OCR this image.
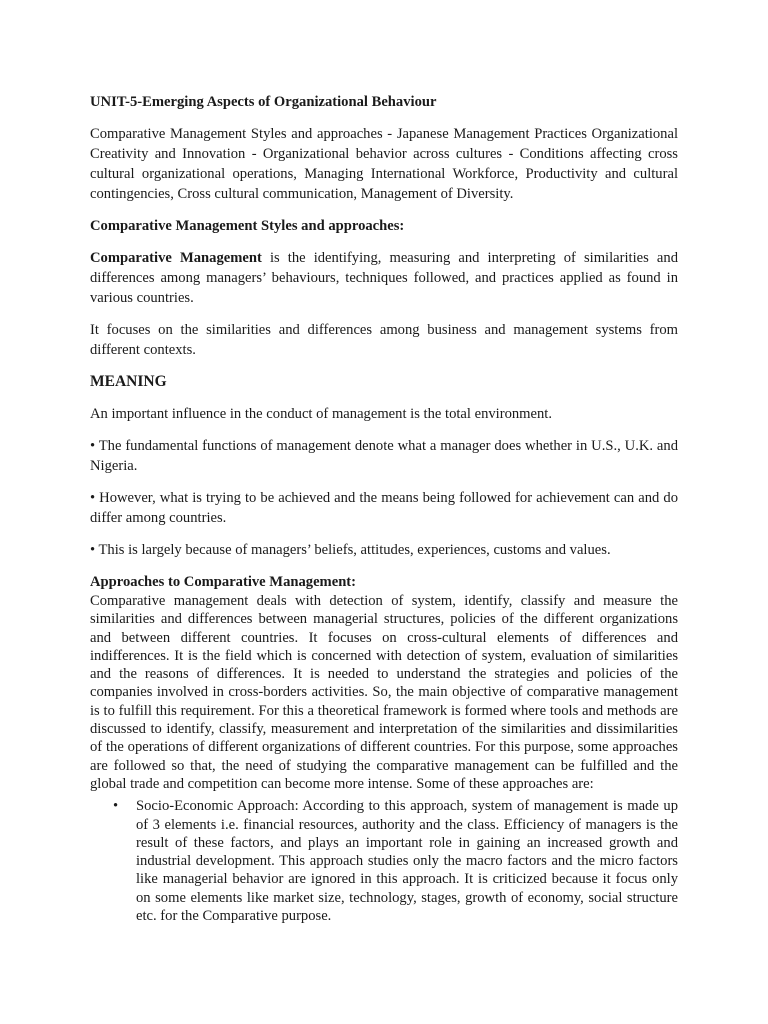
UNIT-5-Emerging Aspects of Organizational Behaviour

Comparative Management Styles and approaches - Japanese Management Practices Organizational Creativity and Innovation - Organizational behavior across cultures - Conditions affecting cross cultural organizational operations, Managing International Workforce, Productivity and cultural contingencies, Cross cultural communication, Management of Diversity.

Comparative Management Styles and approaches:

Comparative Management is the identifying, measuring and interpreting of similarities and differences among managers’ behaviours, techniques followed, and practices applied as found in various countries.

It focuses on the similarities and differences among business and management systems from different contexts.

MEANING

An important influence in the conduct of management is the total environment.

• The fundamental functions of management denote what a manager does whether in U.S., U.K. and Nigeria.

• However, what is trying to be achieved and the means being followed for achievement can and do differ among countries.

• This is largely because of managers’ beliefs, attitudes, experiences, customs and values.

Approaches to Comparative Management:

Comparative management deals with detection of system, identify, classify and measure the similarities and differences between managerial structures, policies of the different organizations and between different countries. It focuses on cross-cultural elements of differences and indifferences. It is the field which is concerned with detection of system, evaluation of similarities and the reasons of differences. It is needed to understand the strategies and policies of the companies involved in cross-borders activities. So, the main objective of comparative management is to fulfill this requirement. For this a theoretical framework is formed where tools and methods are discussed to identify, classify, measurement and interpretation of the similarities and dissimilarities of the operations of different organizations of different countries. For this purpose, some approaches are followed so that, the need of studying the comparative management can be fulfilled and the global trade and competition can become more intense. Some of these approaches are:

• Socio-Economic Approach: According to this approach, system of management is made up of 3 elements i.e. financial resources, authority and the class. Efficiency of managers is the result of these factors, and plays an important role in gaining an increased growth and industrial development. This approach studies only the macro factors and the micro factors like managerial behavior are ignored in this approach. It is criticized because it focus only on some elements like market size, technology, stages, growth of economy, social structure etc. for the Comparative purpose.
